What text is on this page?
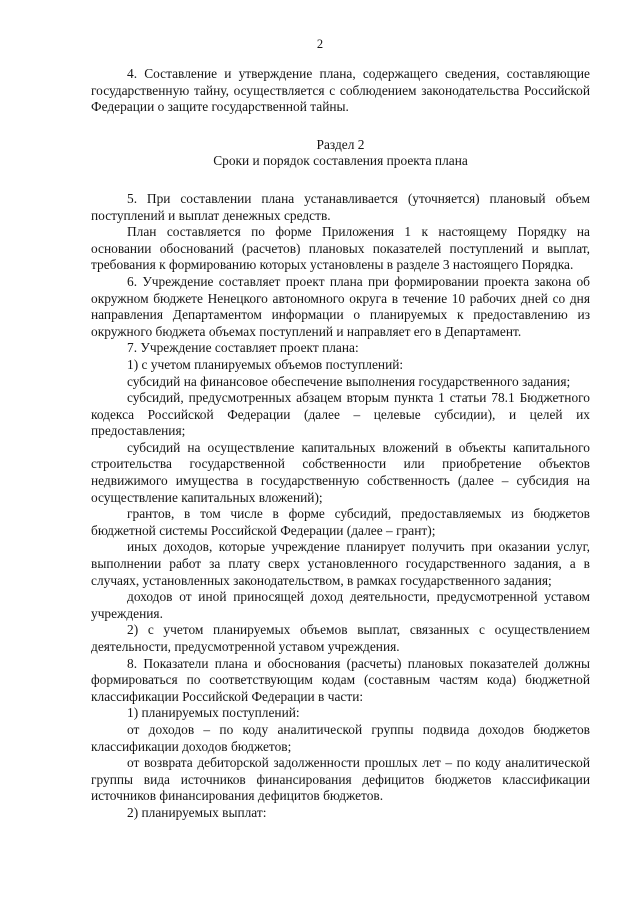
2

4. Составление и утверждение плана, содержащего сведения, составляющие государственную тайну, осуществляется с соблюдением законодательства Российской Федерации о защите государственной тайны.

Раздел 2

Сроки и порядок составления проекта плана

5. При составлении плана устанавливается (уточняется) плановый объем поступлений и выплат денежных средств.

План составляется по форме Приложения 1 к настоящему Порядку на основании обоснований (расчетов) плановых показателей поступлений и выплат, требования к формированию которых установлены в разделе 3 настоящего Порядка.

6. Учреждение составляет проект плана при формировании проекта закона об окружном бюджете Ненецкого автономного округа в течение 10 рабочих дней со дня направления Департаментом информации о планируемых к предоставлению из окружного бюджета объемах поступлений и направляет его в Департамент.

7. Учреждение составляет проект плана:

1) с учетом планируемых объемов поступлений:

субсидий на финансовое обеспечение выполнения государственного задания;

субсидий, предусмотренных абзацем вторым пункта 1 статьи 78.1 Бюджетного кодекса Российской Федерации (далее – целевые субсидии), и целей их предоставления;

субсидий на осуществление капитальных вложений в объекты капитального строительства государственной собственности или приобретение объектов недвижимого имущества в государственную собственность (далее – субсидия на осуществление капитальных вложений);

грантов, в том числе в форме субсидий, предоставляемых из бюджетов бюджетной системы Российской Федерации (далее – грант);

иных доходов, которые учреждение планирует получить при оказании услуг, выполнении работ за плату сверх установленного государственного задания, а в случаях, установленных законодательством, в рамках государственного задания;

доходов от иной приносящей доход деятельности, предусмотренной уставом учреждения.

2) с учетом планируемых объемов выплат, связанных с осуществлением деятельности, предусмотренной уставом учреждения.

8. Показатели плана и обоснования (расчеты) плановых показателей должны формироваться по соответствующим кодам (составным частям кода) бюджетной классификации Российской Федерации в части:

1) планируемых поступлений:

от доходов – по коду аналитической группы подвида доходов бюджетов классификации доходов бюджетов;

от возврата дебиторской задолженности прошлых лет – по коду аналитической группы вида источников финансирования дефицитов бюджетов классификации источников финансирования дефицитов бюджетов.

2) планируемых выплат:
